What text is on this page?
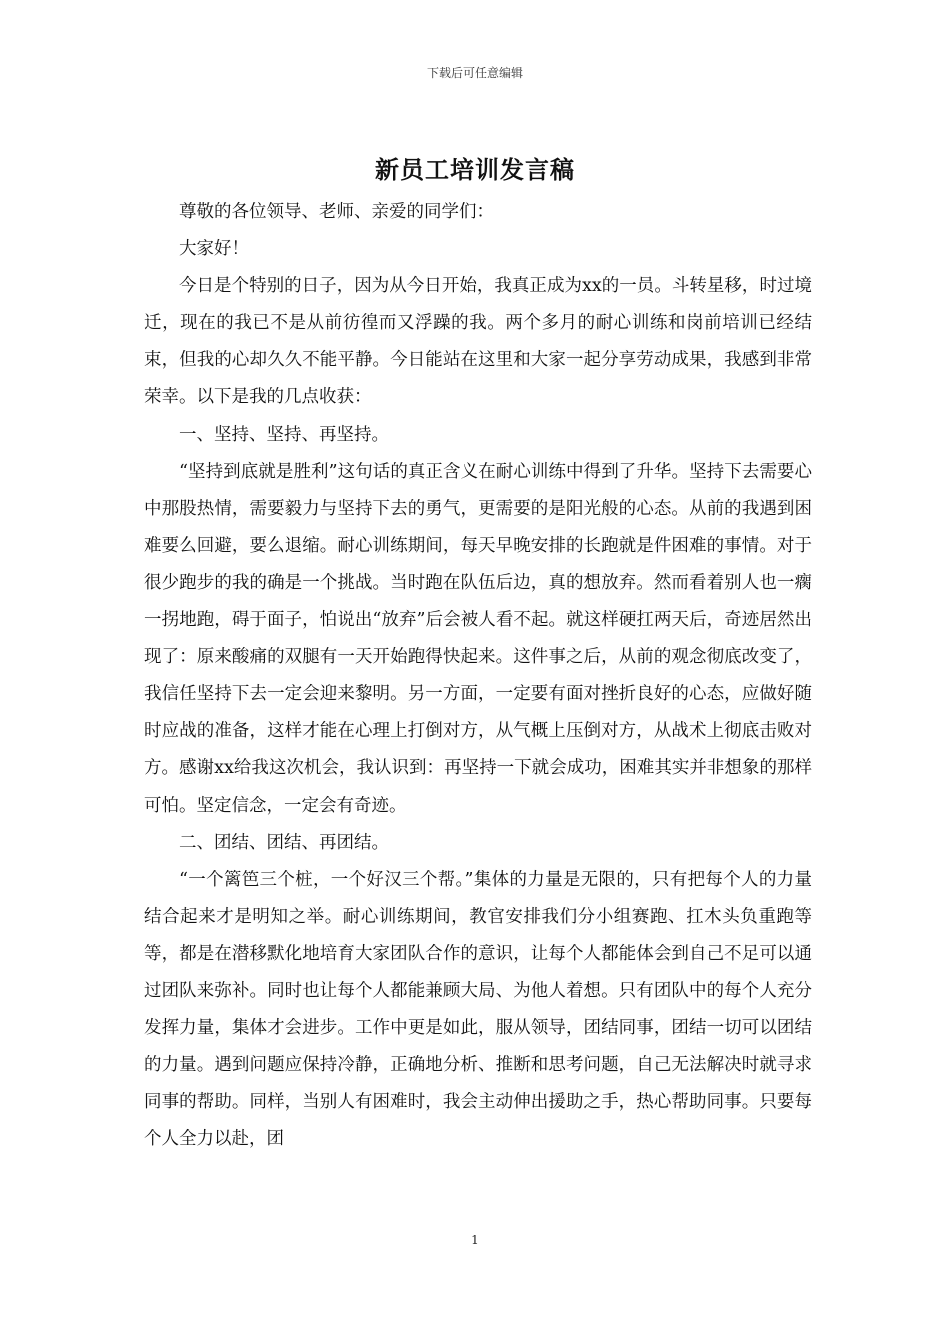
下载后可任意编辑
新员工培训发言稿

尊敬的各位领导、老师、亲爱的同学们：

大家好！

今日是个特别的日子，因为从今日开始，我真正成为xx的一员。斗转星移，时过境迁，现在的我已不是从前彷徨而又浮躁的我。两个多月的耐心训练和岗前培训已经结束，但我的心却久久不能平静。今日能站在这里和大家一起分享劳动成果，我感到非常荣幸。以下是我的几点收获：

一、坚持、坚持、再坚持。

“坚持到底就是胜利”这句话的真正含义在耐心训练中得到了升华。坚持下去需要心中那股热情，需要毅力与坚持下去的勇气，更需要的是阳光般的心态。从前的我遇到困难要么回避，要么退缩。耐心训练期间，每天早晚安排的长跑就是件困难的事情。对于很少跑步的我的确是一个挑战。当时跑在队伍后边，真的想放弃。然而看着别人也一瘸一拐地跑，碍于面子，怕说出“放弃”后会被人看不起。就这样硬扛两天后，奇迹居然出现了：原来酸痛的双腿有一天开始跑得快起来。这件事之后，从前的观念彻底改变了，我信任坚持下去一定会迎来黎明。另一方面，一定要有面对挫折良好的心态，应做好随时应战的准备，这样才能在心理上打倒对方，从气概上压倒对方，从战术上彻底击败对方。感谢xx给我这次机会，我认识到：再坚持一下就会成功，困难其实并非想象的那样可怕。坚定信念，一定会有奇迹。

二、团结、团结、再团结。

“一个篱笆三个桩，一个好汉三个帮。”集体的力量是无限的，只有把每个人的力量结合起来才是明知之举。耐心训练期间，教官安排我们分小组赛跑、扛木头负重跑等等，都是在潜移默化地培育大家团队合作的意识，让每个人都能体会到自己不足可以通过团队来弥补。同时也让每个人都能兼顾大局、为他人着想。只有团队中的每个人充分发挥力量，集体才会进步。工作中更是如此，服从领导，团结同事，团结一切可以团结的力量。遇到问题应保持冷静，正确地分析、推断和思考问题，自己无法解决时就寻求同事的帮助。同样，当别人有困难时，我会主动伸出援助之手，热心帮助同事。只要每个人全力以赴，团

1
